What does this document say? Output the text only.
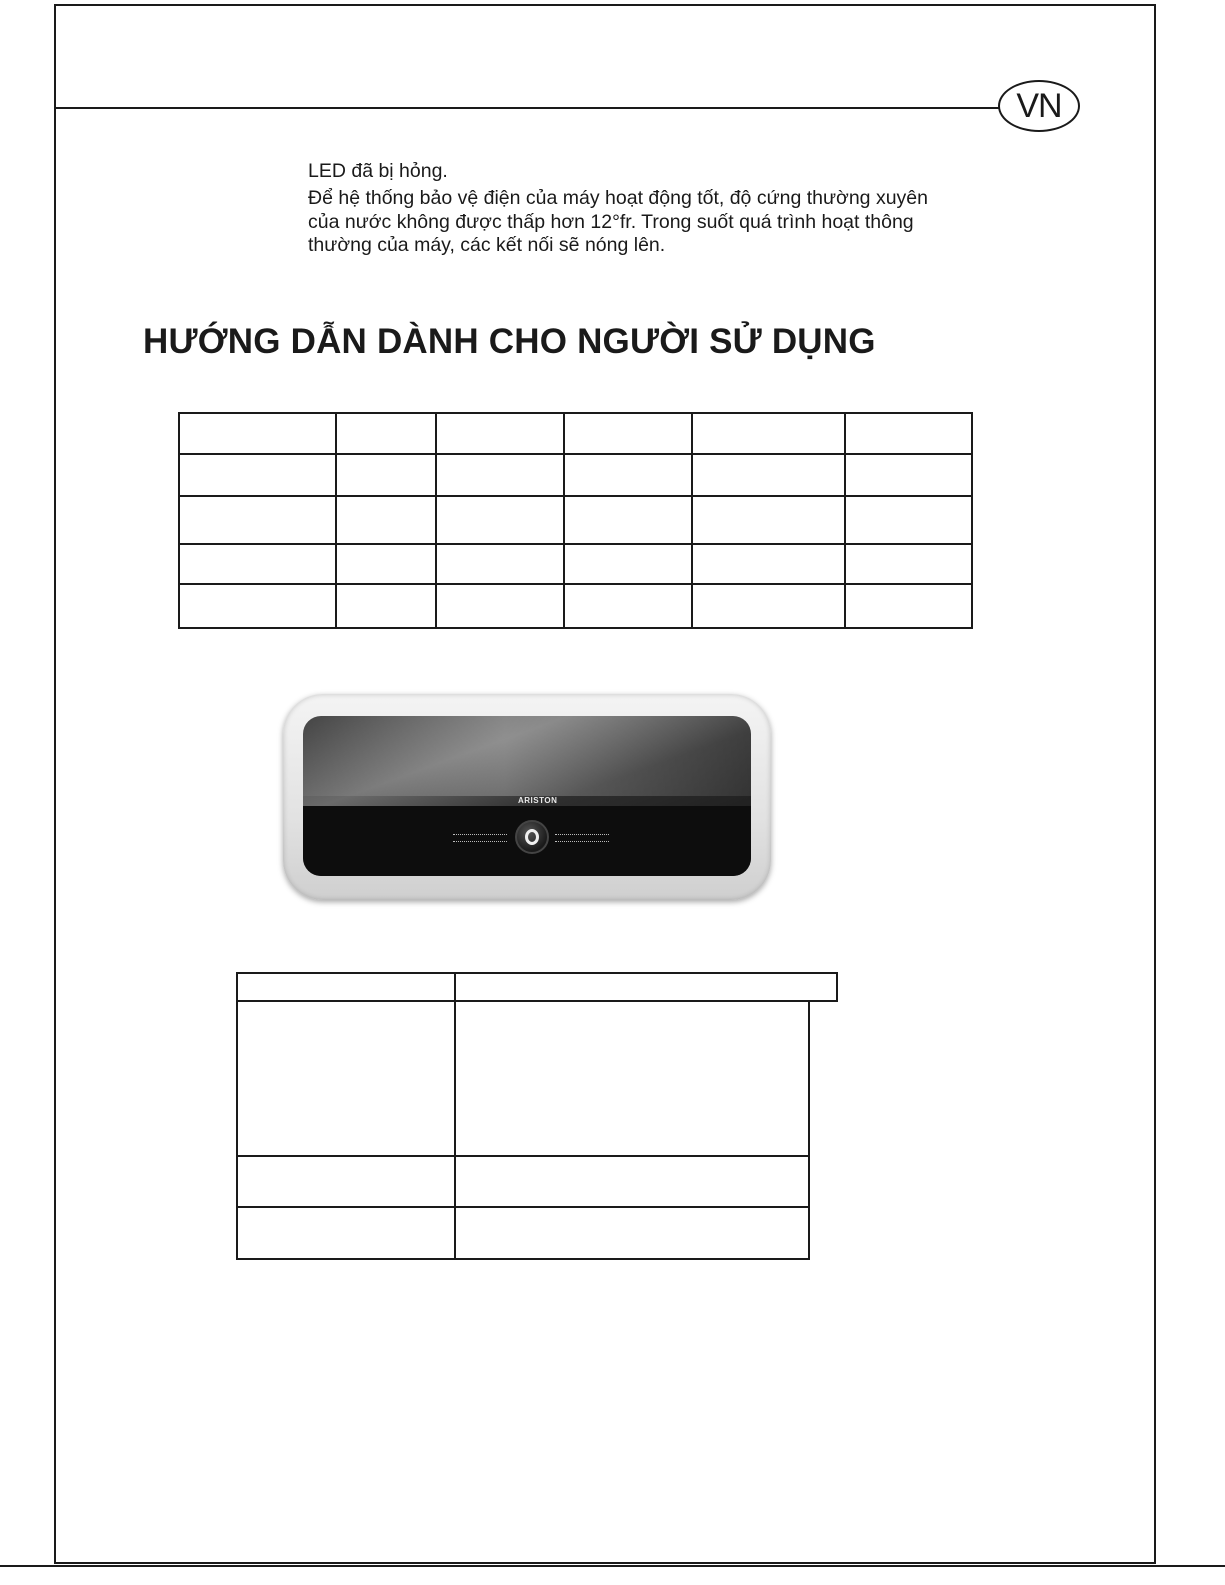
VN
LED đã bị hỏng.
Để hệ thống bảo vệ điện của máy hoạt động tốt, độ cứng thường xuyên
của nước không được thấp hơn 12°fr. Trong suốt quá trình hoạt thông
thường của máy, các kết nối sẽ nóng lên.
HƯỚNG DẪN DÀNH CHO NGƯỜI SỬ DỤNG
ARISTON
